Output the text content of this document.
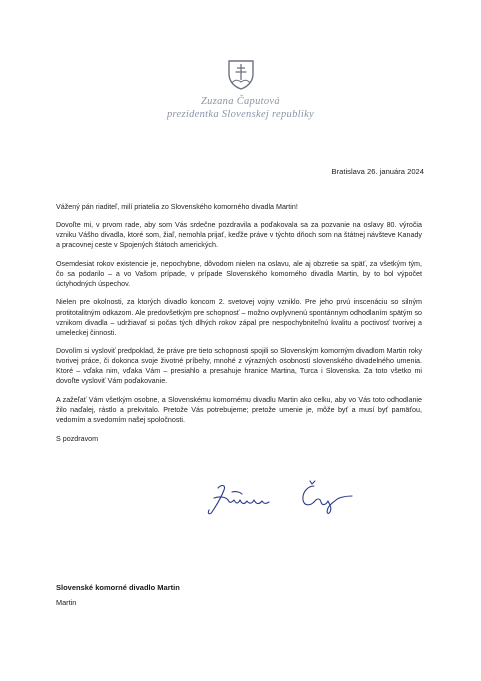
Zuzana Čaputová
prezidentka Slovenskej republiky
Bratislava 26. januára 2024

Vážený pán riaditeľ, milí priatelia zo Slovenského komorného divadla Martin!

Dovoľte mi, v prvom rade, aby som Vás srdečne pozdravila a poďakovala sa za pozvanie na oslavy 80. výročia vzniku Vášho divadla, ktoré som, žiaľ, nemohla prijať, keďže práve v týchto dňoch som na štátnej návšteve Kanady a pracovnej ceste v Spojených štátoch amerických.

Osemdesiat rokov existencie je, nepochybne, dôvodom nielen na oslavu, ale aj obzretie sa späť, za všetkým tým, čo sa podarilo – a vo Vašom prípade, v prípade Slovenského komorného divadla Martin, by to bol výpočet úctyhodných úspechov.

Nielen pre okolnosti, za ktorých divadlo koncom 2. svetovej vojny vzniklo. Pre jeho prvú inscenáciu so silným protitotalitným odkazom. Ale predovšetkým pre schopnosť – možno ovplyvnenú spontánnym odhodlaním spätým so vznikom divadla – udržiavať si počas tých dlhých rokov zápal pre nespochybniteľnú kvalitu a poctivosť tvorivej a umeleckej činnosti.

Dovolím si vysloviť predpoklad, že práve pre tieto schopnosti spojili so Slovenským komorným divadlom Martin roky tvorivej práce, či dokonca svoje životné príbehy, mnohé z výrazných osobností slovenského divadelného umenia. Ktoré – vďaka nim, vďaka Vám – presiahlo a presahuje hranice Martina, Turca i Slovenska. Za toto všetko mi dovoľte vysloviť Vám poďakovanie.

A zažeľať Vám všetkým osobne, a Slovenskému komornému divadlu Martin ako celku, aby vo Vás toto odhodlanie žilo naďalej, rástlo a prekvitalo. Pretože Vás potrebujeme; pretože umenie je, môže byť a musí byť pamäťou, vedomím a svedomím našej spoločnosti.

S pozdravom

Slovenské komorné divadlo Martin
Martin
